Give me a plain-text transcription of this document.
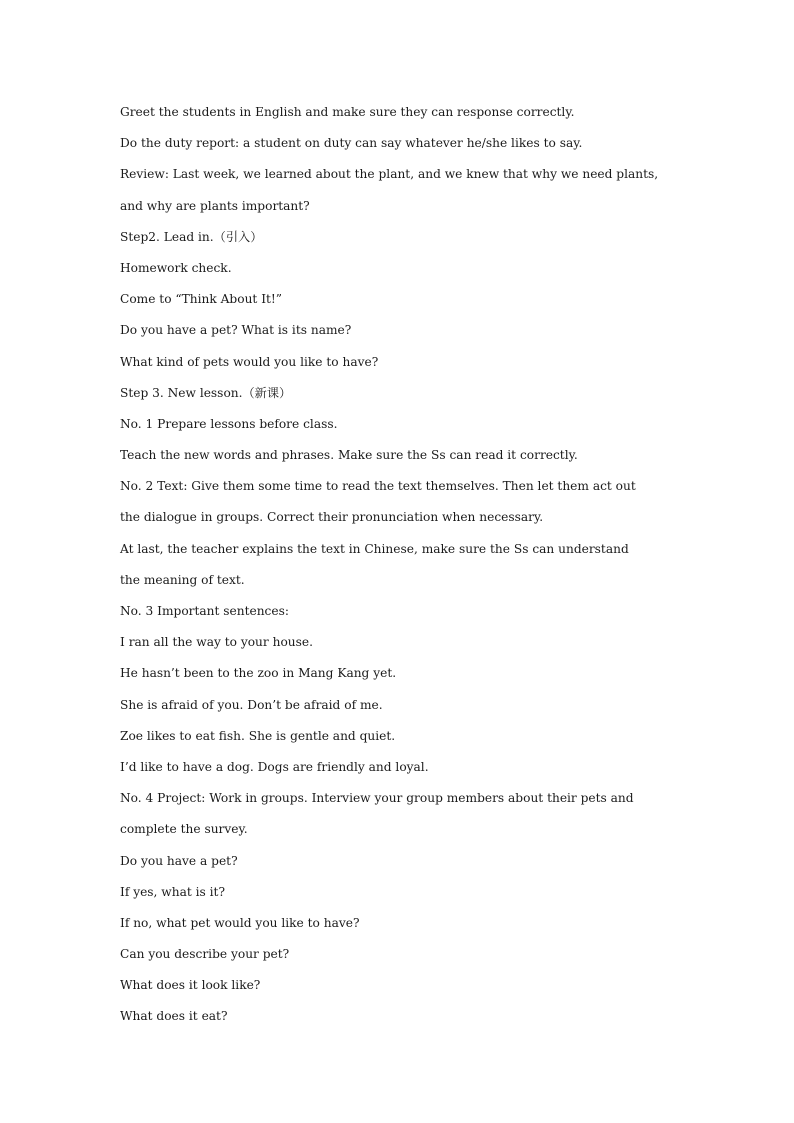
Greet the students in English and make sure they can response correctly.
Do the duty report: a student on duty can say whatever he/she likes to say.
Review: Last week, we learned about the plant, and we knew that why we need plants,
and why are plants important?
Step2. Lead in.（引入）
Homework check.
Come to “Think About It!”
Do you have a pet? What is its name?
What kind of pets would you like to have?
Step 3. New lesson.（新课）
No. 1 Prepare lessons before class.
Teach the new words and phrases. Make sure the Ss can read it correctly.
No. 2 Text: Give them some time to read the text themselves. Then let them act out
the dialogue in groups. Correct their pronunciation when necessary.
At last, the teacher explains the text in Chinese, make sure the Ss can understand
the meaning of text.
No. 3 Important sentences:
I ran all the way to your house.
He hasn’t been to the zoo in Mang Kang yet.
She is afraid of you. Don’t be afraid of me.
Zoe likes to eat fish. She is gentle and quiet.
I’d like to have a dog. Dogs are friendly and loyal.
No. 4 Project: Work in groups. Interview your group members about their pets and
complete the survey.
Do you have a pet?
If yes, what is it?
If no, what pet would you like to have?
Can you describe your pet?
What does it look like?
What does it eat?
